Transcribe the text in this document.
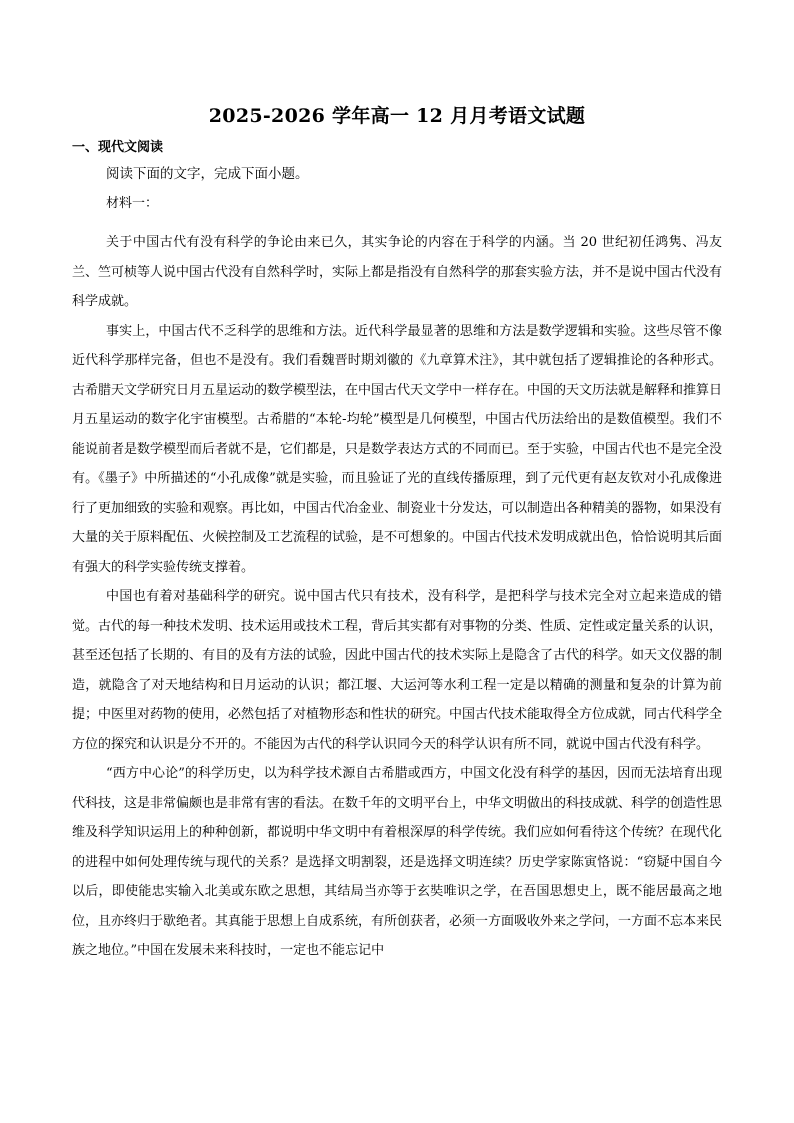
2025-2026 学年高一 12 月月考语文试题
一、现代文阅读
阅读下面的文字，完成下面小题。
材料一：

关于中国古代有没有科学的争论由来已久，其实争论的内容在于科学的内涵。当 20 世纪初任鸿隽、冯友兰、竺可桢等人说中国古代没有自然科学时，实际上都是指没有自然科学的那套实验方法，并不是说中国古代没有科学成就。

事实上，中国古代不乏科学的思维和方法。近代科学最显著的思维和方法是数学逻辑和实验。这些尽管不像近代科学那样完备，但也不是没有。我们看魏晋时期刘徽的《九章算术注》，其中就包括了逻辑推论的各种形式。古希腊天文学研究日月五星运动的数学模型法，在中国古代天文学中一样存在。中国的天文历法就是解释和推算日月五星运动的数字化宇宙模型。古希腊的“本轮-均轮”模型是几何模型，中国古代历法给出的是数值模型。我们不能说前者是数学模型而后者就不是，它们都是，只是数学表达方式的不同而已。至于实验，中国古代也不是完全没有。《墨子》中所描述的“小孔成像”就是实验，而且验证了光的直线传播原理，到了元代更有赵友钦对小孔成像进行了更加细致的实验和观察。再比如，中国古代冶金业、制瓷业十分发达，可以制造出各种精美的器物，如果没有大量的关于原料配伍、火候控制及工艺流程的试验，是不可想象的。中国古代技术发明成就出色，恰恰说明其后面有强大的科学实验传统支撑着。

中国也有着对基础科学的研究。说中国古代只有技术，没有科学，是把科学与技术完全对立起来造成的错觉。古代的每一种技术发明、技术运用或技术工程，背后其实都有对事物的分类、性质、定性或定量关系的认识，甚至还包括了长期的、有目的及有方法的试验，因此中国古代的技术实际上是隐含了古代的科学。如天文仪器的制造，就隐含了对天地结构和日月运动的认识；都江堰、大运河等水利工程一定是以精确的测量和复杂的计算为前提；中医里对药物的使用，必然包括了对植物形态和性状的研究。中国古代技术能取得全方位成就，同古代科学全方位的探究和认识是分不开的。不能因为古代的科学认识同今天的科学认识有所不同，就说中国古代没有科学。

“西方中心论”的科学历史，以为科学技术源自古希腊或西方，中国文化没有科学的基因，因而无法培育出现代科技，这是非常偏颇也是非常有害的看法。在数千年的文明平台上，中华文明做出的科技成就、科学的创造性思维及科学知识运用上的种种创新，都说明中华文明中有着根深厚的科学传统。我们应如何看待这个传统？在现代化的进程中如何处理传统与现代的关系？是选择文明割裂，还是选择文明连续？历史学家陈寅恪说：“窃疑中国自今以后，即使能忠实输入北美或东欧之思想，其结局当亦等于玄奘唯识之学，在吾国思想史上，既不能居最高之地位，且亦终归于歇绝者。其真能于思想上自成系统，有所创获者，必须一方面吸收外来之学问，一方面不忘本来民族之地位。”中国在发展未来科技时，一定也不能忘记中
